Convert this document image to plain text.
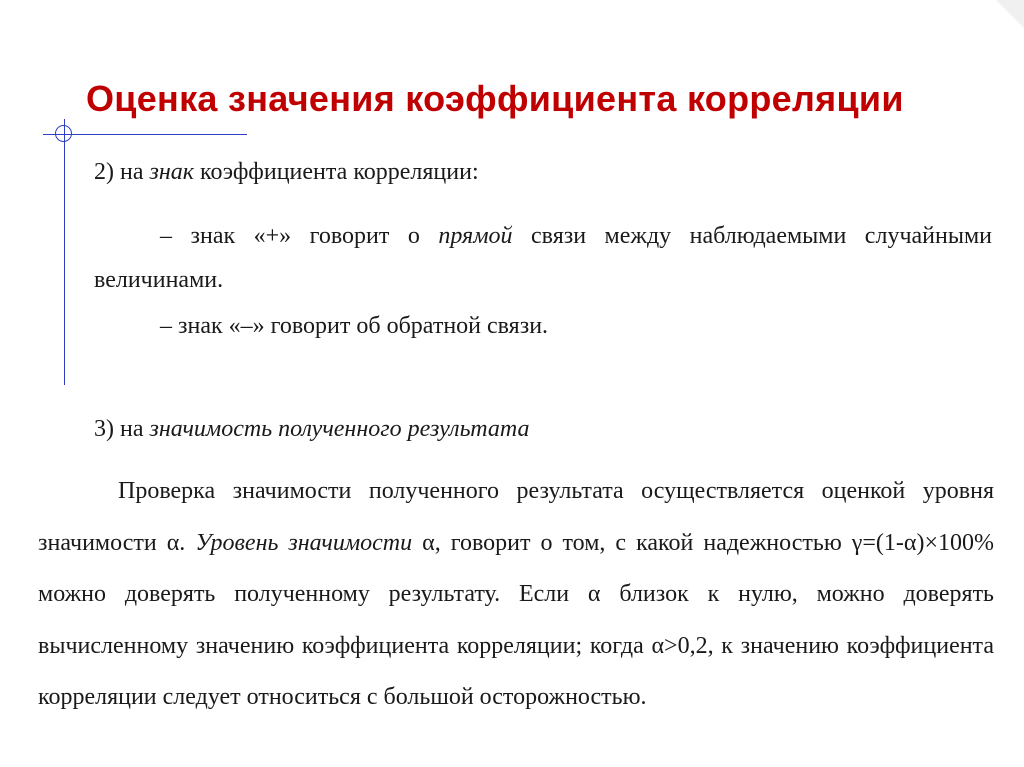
Оценка значения коэффициента корреляции
2) на знак коэффициента корреляции:
– знак «+» говорит о прямой связи между наблюдаемыми случайными
величинами.
– знак «–» говорит об обратной связи.
3) на значимость полученного результата
Проверка значимости полученного результата осуществляется оценкой уровня значимости α. Уровень значимости α, говорит о том, с какой надежностью γ=(1-α)×100% можно доверять полученному результату. Если α близок к нулю, можно доверять вычисленному значению коэффициента корреляции; когда α>0,2, к значению коэффициента корреляции следует относиться с большой осторожностью.
